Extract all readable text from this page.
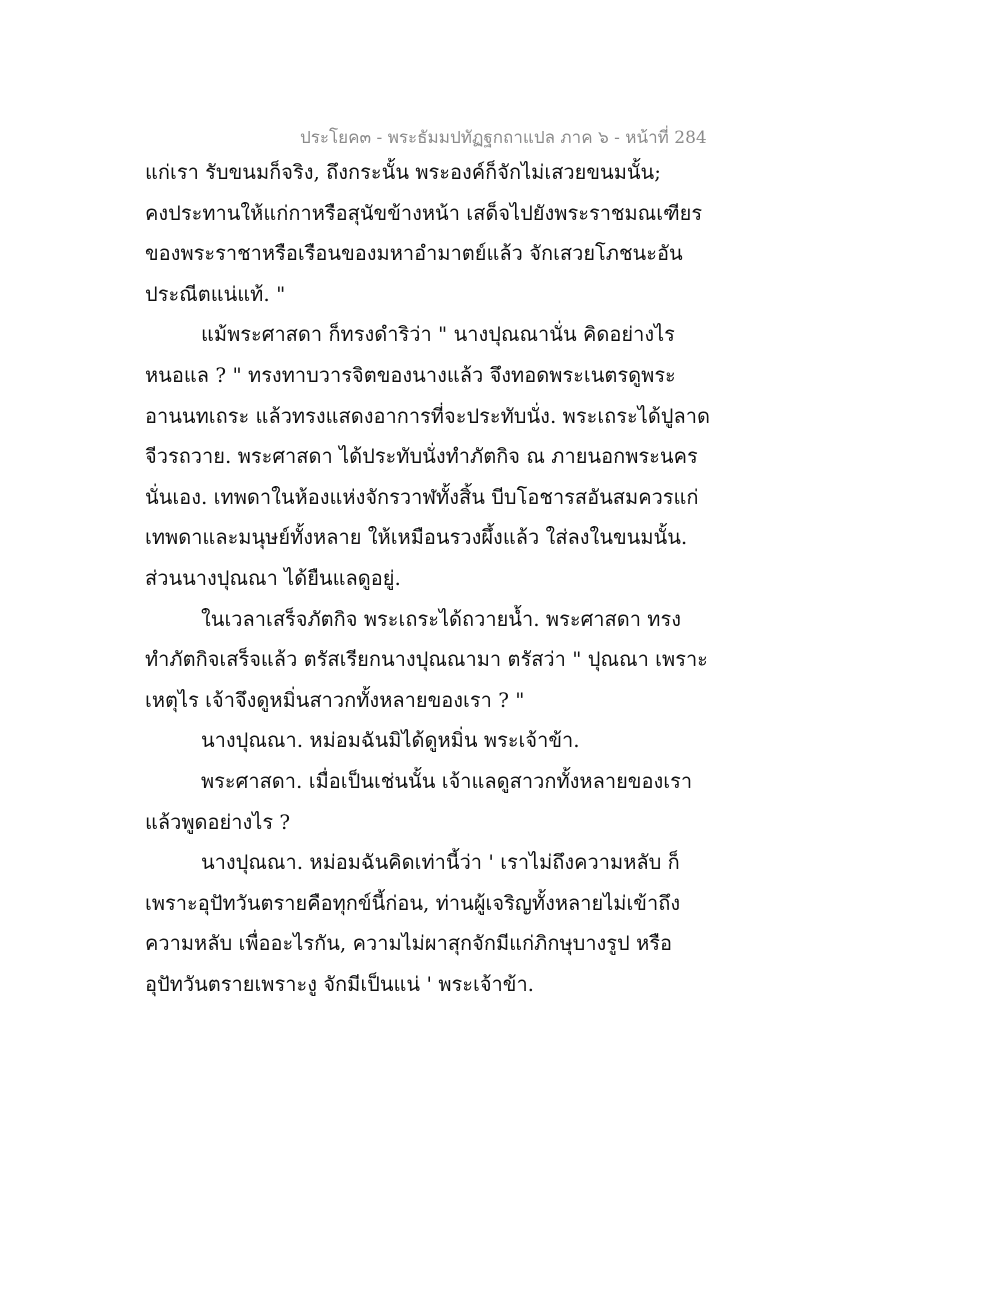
ประโยค๓ - พระธัมมปทัฏฐกถาแปล ภาค ๖ - หน้าที่ 284
แก่เรา รับขนมก็จริง, ถึงกระนั้น พระองค์ก็จักไม่เสวยขนมนั้น;
คงประทานให้แก่กาหรือสุนัขข้างหน้า เสด็จไปยังพระราชมณเฑียร
ของพระราชาหรือเรือนของมหาอำมาตย์แล้ว จักเสวยโภชนะอัน
ประณีตแน่แท้. "
แม้พระศาสดา ก็ทรงดำริว่า " นางปุณณานั่น คิดอย่างไร
หนอแล ? " ทรงทาบวารจิตของนางแล้ว จึงทอดพระเนตรดูพระ
อานนทเถระ แล้วทรงแสดงอาการที่จะประทับนั่ง. พระเถระได้ปูลาด
จีวรถวาย. พระศาสดา ได้ประทับนั่งทำภัตกิจ ณ ภายนอกพระนคร
นั่นเอง. เทพดาในห้องแห่งจักรวาฬทั้งสิ้น บีบโอชารสอันสมควรแก่
เทพดาและมนุษย์ทั้งหลาย ให้เหมือนรวงผึ้งแล้ว ใส่ลงในขนมนั้น.
ส่วนนางปุณณา ได้ยืนแลดูอยู่.
ในเวลาเสร็จภัตกิจ พระเถระได้ถวายน้ำ. พระศาสดา ทรง
ทำภัตกิจเสร็จแล้ว ตรัสเรียกนางปุณณามา ตรัสว่า " ปุณณา เพราะ
เหตุไร เจ้าจึงดูหมิ่นสาวกทั้งหลายของเรา ? "
นางปุณณา. หม่อมฉันมิได้ดูหมิ่น พระเจ้าข้า.
พระศาสดา. เมื่อเป็นเช่นนั้น เจ้าแลดูสาวกทั้งหลายของเรา
แล้วพูดอย่างไร ?
นางปุณณา. หม่อมฉันคิดเท่านี้ว่า ' เราไม่ถึงความหลับ ก็
เพราะอุปัทวันตรายคือทุกข์นี้ก่อน, ท่านผู้เจริญทั้งหลายไม่เข้าถึง
ความหลับ เพื่ออะไรกัน, ความไม่ผาสุกจักมีแก่ภิกษุบางรูป หรือ
อุปัทวันตรายเพราะงู จักมีเป็นแน่ ' พระเจ้าข้า.
